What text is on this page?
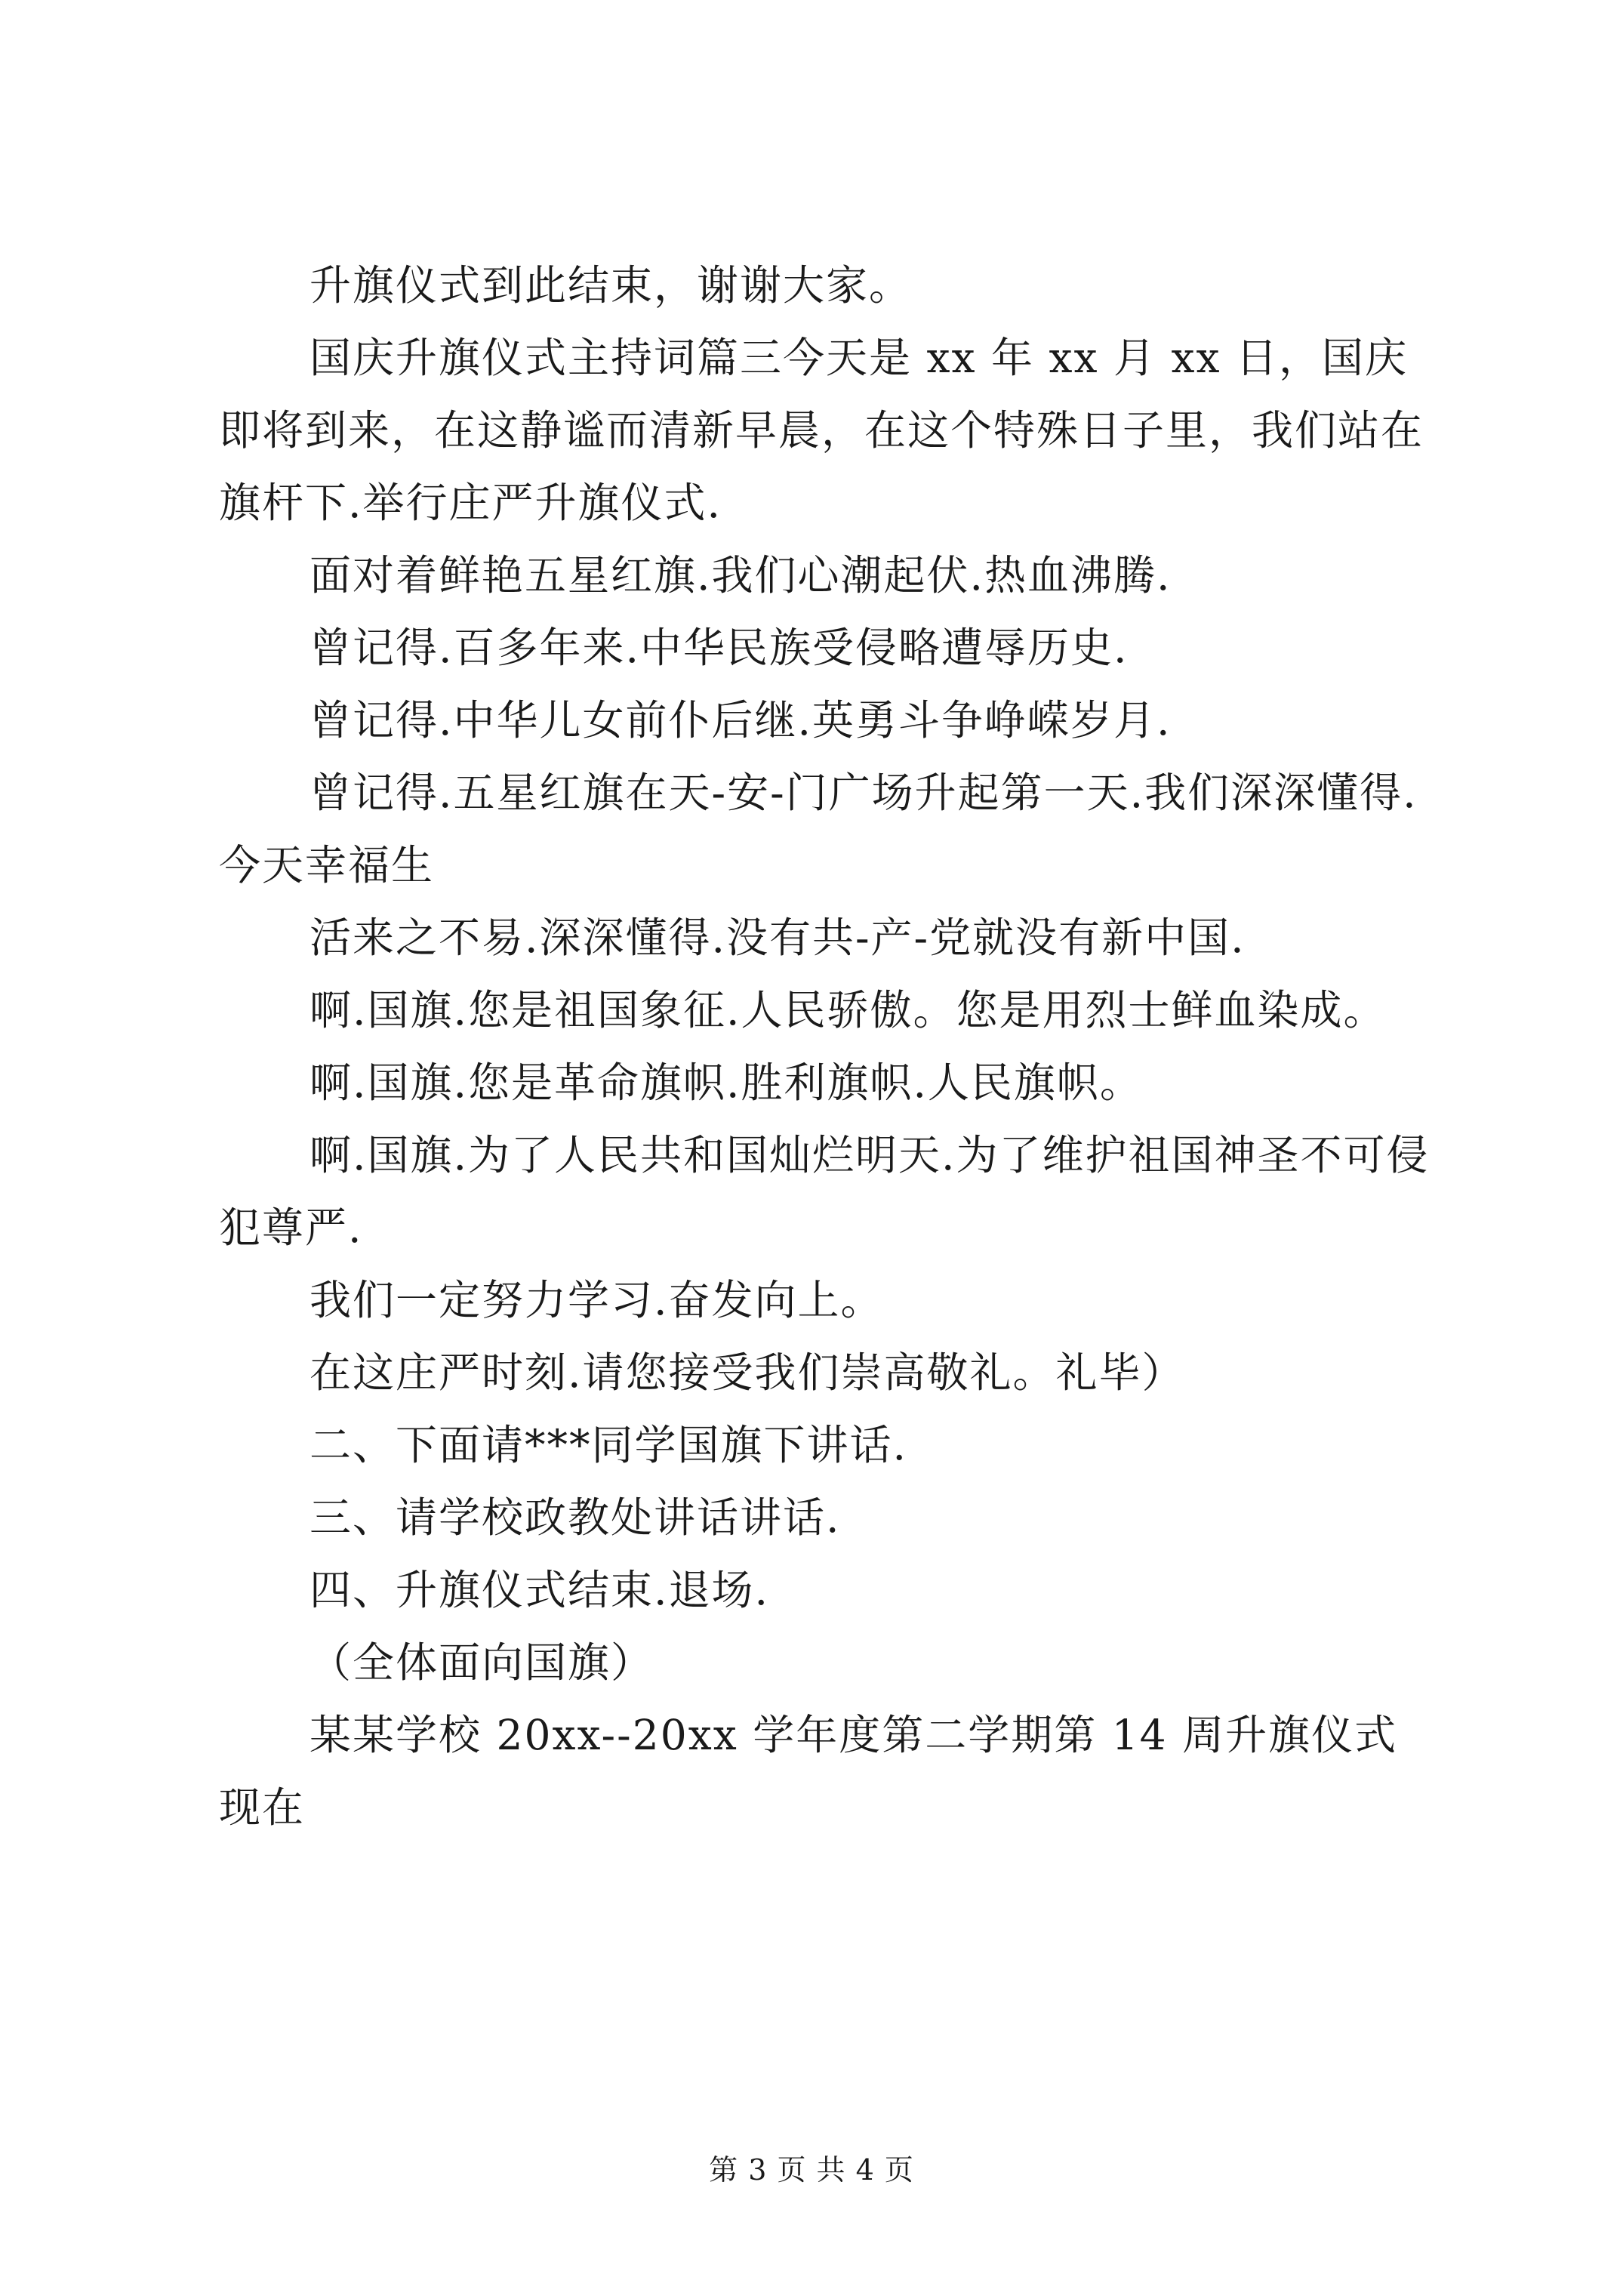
升旗仪式到此结束，谢谢大家。

国庆升旗仪式主持词篇三今天是 xx 年 xx 月 xx 日，国庆即将到来，在这静谧而清新早晨，在这个特殊日子里，我们站在旗杆下.举行庄严升旗仪式.

面对着鲜艳五星红旗.我们心潮起伏.热血沸腾.

曾记得.百多年来.中华民族受侵略遭辱历史.

曾记得.中华儿女前仆后继.英勇斗争峥嵘岁月.

曾记得.五星红旗在天-安-门广场升起第一天.我们深深懂得.今天幸福生

活来之不易.深深懂得.没有共-产-党就没有新中国.

啊.国旗.您是祖国象征.人民骄傲。您是用烈士鲜血染成。

啊.国旗.您是革命旗帜.胜利旗帜.人民旗帜。

啊.国旗.为了人民共和国灿烂明天.为了维护祖国神圣不可侵犯尊严.

我们一定努力学习.奋发向上。

在这庄严时刻.请您接受我们崇高敬礼。礼毕）

二、下面请***同学国旗下讲话.

三、请学校政教处讲话讲话.

四、升旗仪式结束.退场.

（全体面向国旗）

某某学校 20xx--20xx 学年度第二学期第 14 周升旗仪式现在

第 3 页 共 4 页
